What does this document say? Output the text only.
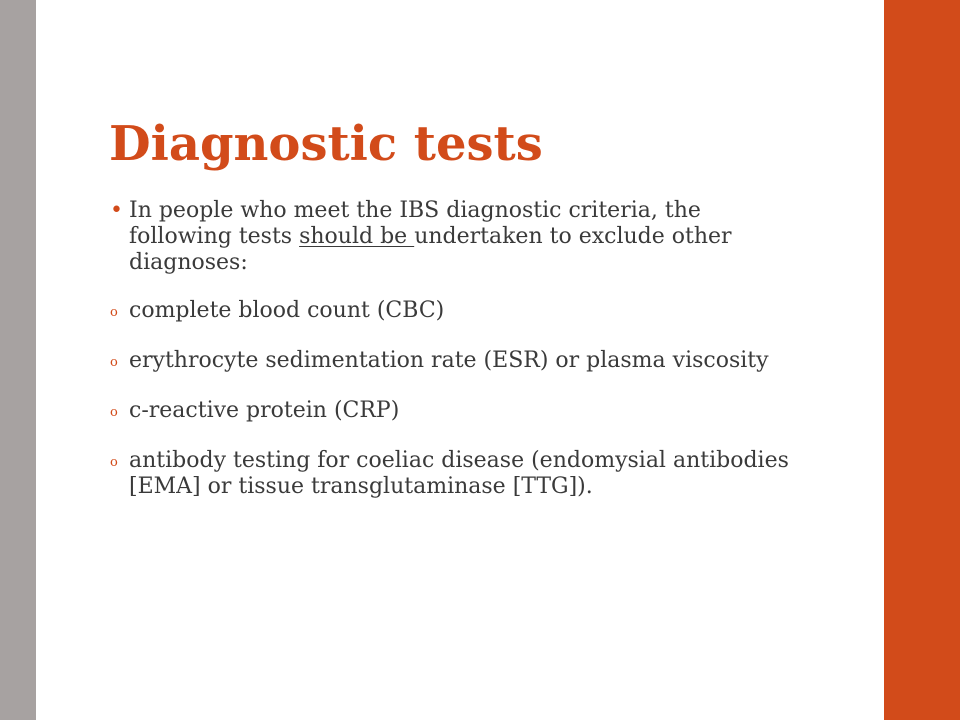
Diagnostic tests
• In people who meet the IBS diagnostic criteria, the following tests should be undertaken to exclude other diagnoses:
o complete blood count (CBC)
o erythrocyte sedimentation rate (ESR) or plasma viscosity
o c-reactive protein (CRP)
o antibody testing for coeliac disease (endomysial antibodies [EMA] or tissue transglutaminase [TTG]).
